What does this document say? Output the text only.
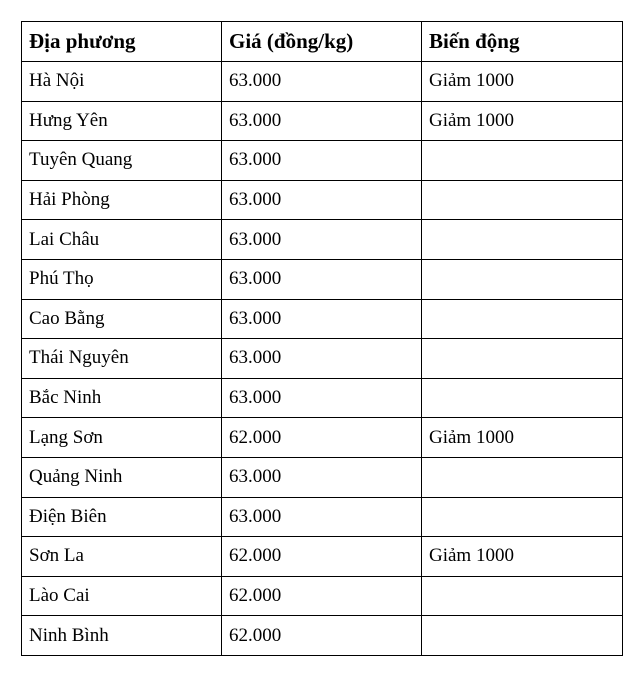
Địa phương	Giá (đồng/kg)	Biến động
Hà Nội	63.000	Giảm 1000
Hưng Yên	63.000	Giảm 1000
Tuyên Quang	63.000	
Hải Phòng	63.000	
Lai Châu	63.000	
Phú Thọ	63.000	
Cao Bằng	63.000	
Thái Nguyên	63.000	
Bắc Ninh	63.000	
Lạng Sơn	62.000	Giảm 1000
Quảng Ninh	63.000	
Điện Biên	63.000	
Sơn La	62.000	Giảm 1000
Lào Cai	62.000	
Ninh Bình	62.000	
